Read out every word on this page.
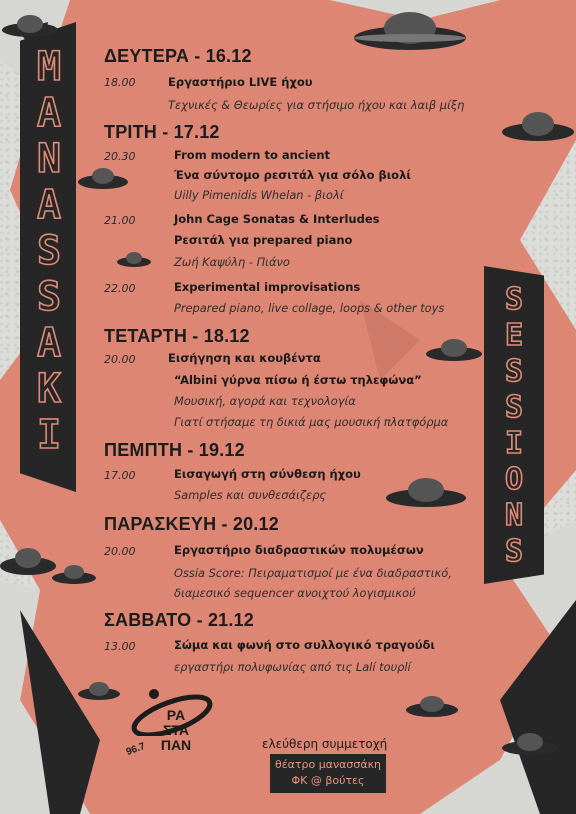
M
A
N
A
S
S
A
K
I
S
E
S
S
I
O
N
S
ΔΕΥΤΕΡΑ - 16.12
18.00	Εργαστήριο LIVE ήχου
Τεχνικές & Θεωρίες για στήσιμο ήχου και λαιβ μίξη
ΤΡΙΤΗ - 17.12
20.30	From modern to ancient
Ένα σύντομο ρεσιτάλ για σόλο βιολί
Uilly Pimenidis Whelan - βιολί
21.00	John Cage Sonatas & Interludes
Ρεσιτάλ για prepared piano
Ζωή Καψύλη - Πιάνο
22.00	Experimental improvisations
Prepared piano, live collage, loops & other toys
ΤΕΤΑΡΤΗ - 18.12
20.00	Εισήγηση και κουβέντα
“Albini γύρνα πίσω ή έστω τηλεφώνα”
Μουσική, αγορά και τεχνολογία
Γιατί στήσαμε τη δικιά μας μουσική πλατφόρμα
ΠΕΜΠΤΗ - 19.12
17.00	Εισαγωγή στη σύνθεση ήχου
Samples και συνθεσάιζερς
ΠΑΡΑΣΚΕΥΗ - 20.12
20.00	Εργαστήριο διαδραστικών πολυμέσων
Ossia Score: Πειραματισμοί με ένα διαδραστικό,
διαμεσικό sequencer ανοιχτού λογισμικού
ΣΑΒΒΑΤΟ - 21.12
13.00	Σώμα και φωνή στο συλλογικό τραγούδι
εργαστήρι πολυφωνίας από τις Lalí tουρlí
ΡΑ
ΣΤΑ
ΠΑΝ
96.7	ελεύθερη συμμετοχή
θέατρο μανασσάκη
ΦΚ @ βούτες
